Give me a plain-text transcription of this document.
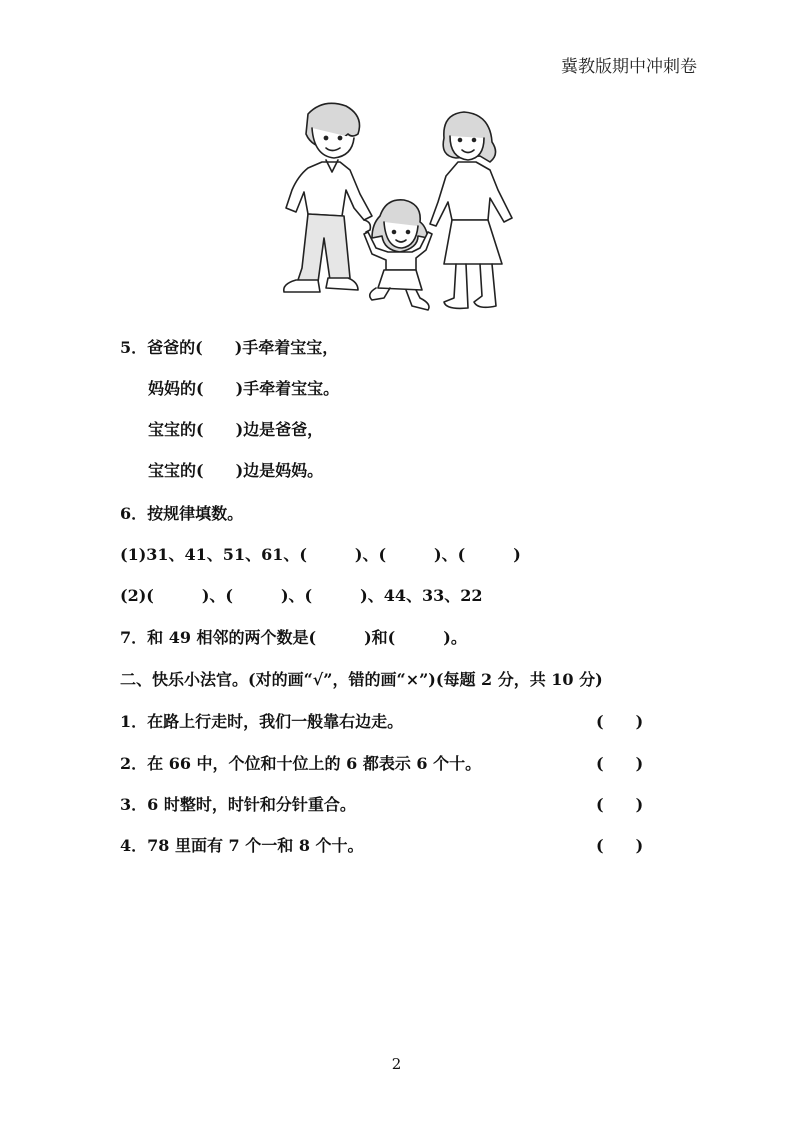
冀教版期中冲刺卷
5．爸爸的(　　)手牵着宝宝，
妈妈的(　　)手牵着宝宝。
宝宝的(　　)边是爸爸，
宝宝的(　　)边是妈妈。
6．按规律填数。
(1)31、41、51、61、(　　　)、(　　　)、(　　　)
(2)(　　　)、(　　　)、(　　　)、44、33、22
7．和 49 相邻的两个数是(　　　)和(　　　)。
二、快乐小法官。(对的画“√”，错的画“×”)(每题 2 分，共 10 分)
1．在路上行走时，我们一般靠右边走。	(　　)
2．在 66 中，个位和十位上的 6 都表示 6 个十。	(　　)
3．6 时整时，时针和分针重合。	(　　)
4．78 里面有 7 个一和 8 个十。	(　　)
2
